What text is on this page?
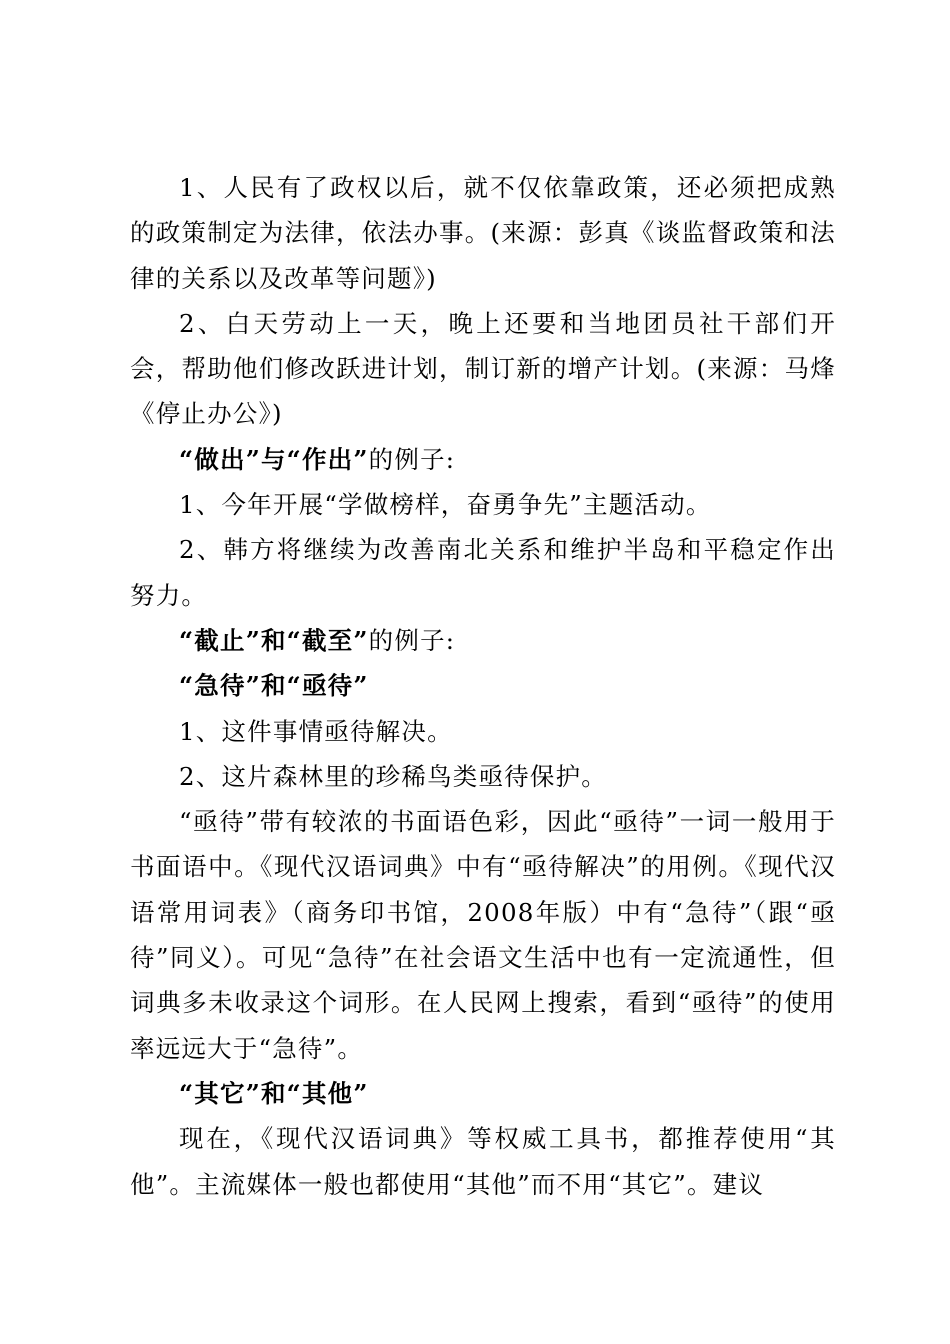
1、人民有了政权以后，就不仅依靠政策，还必须把成熟的政策制定为法律，依法办事。(来源：彭真《谈监督政策和法律的关系以及改革等问题》)

2、白天劳动上一天，晚上还要和当地团员社干部们开会，帮助他们修改跃进计划，制订新的增产计划。(来源：马烽《停止办公》)

“做出”与“作出”的例子:

1、今年开展“学做榜样，奋勇争先”主题活动。

2、韩方将继续为改善南北关系和维护半岛和平稳定作出努力。

“截止”和“截至”的例子:

“急待”和“亟待”

1、这件事情亟待解决。

2、这片森林里的珍稀鸟类亟待保护。

“亟待”带有较浓的书面语色彩，因此“亟待”一词一般用于书面语中。《现代汉语词典》中有“亟待解决”的用例。《现代汉语常用词表》（商务印书馆，2008年版）中有“急待”（跟“亟待”同义）。可见“急待”在社会语文生活中也有一定流通性，但词典多未收录这个词形。在人民网上搜索，看到“亟待”的使用率远远大于“急待”。

“其它”和“其他”

现在，《现代汉语词典》等权威工具书，都推荐使用“其他”。主流媒体一般也都使用“其他”而不用“其它”。建议
